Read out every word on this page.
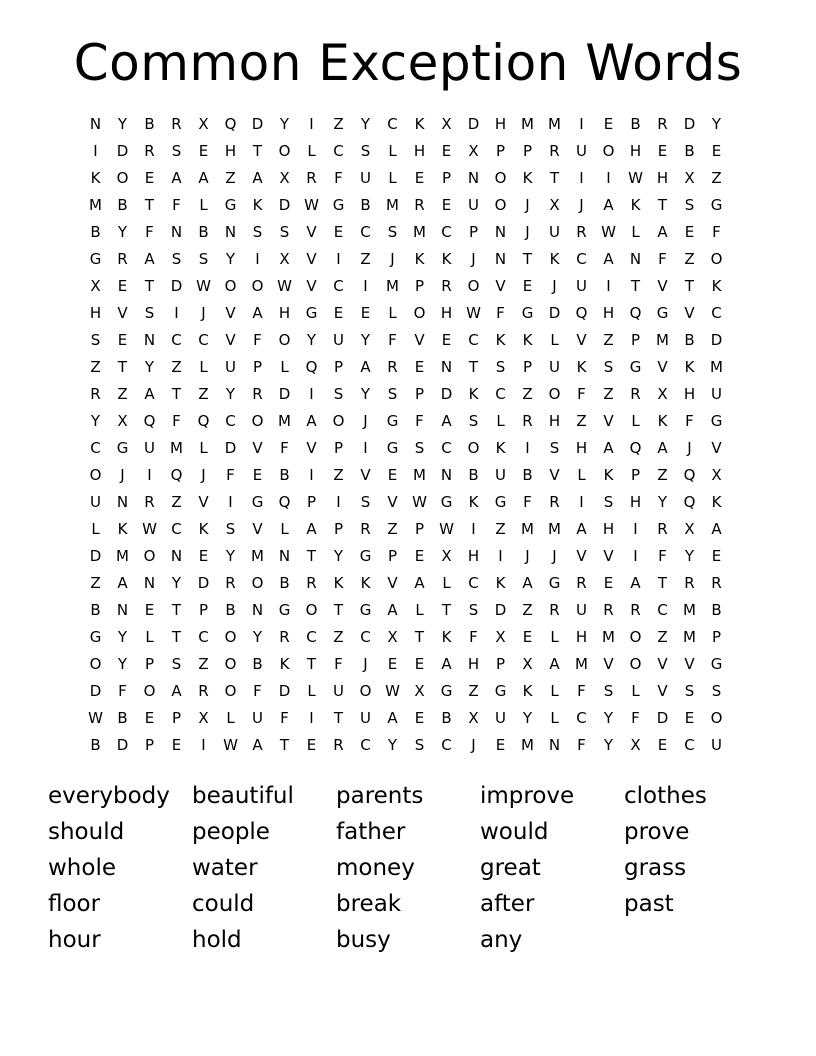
Common Exception Words
N	Y	B	R	X	Q	D	Y	I	Z	Y	C	K	X	D	H M M	I	E	B	R	D	Y
I	D	R	S	E	H	T	O	L	C	S	L	H	E	X	P	P	R	U	O	H	E	B	E
K	O	E	A	A	Z	A	X	R	F	U	L	E	P	N	O	K	T	I	I	W H	X	Z
M	B	T	F	L	G	K	D W G	B	M	R	E	U	O	J	X	J	A	K	T	S	G
B	Y	F	N	B	N	S	S	V	E	C	S	M	C	P	N	J	U	R W	L	A	E	F
G	R	A	S	S	Y	I	X	V	I	Z	J	K	K	J	N	T	K	C	A	N	F	Z	O
X	E	T	D W O	O W V	C	I	M	P	R	O	V	E	J	U	I	T	V	T	K
H	V	S	I	J	V	A	H	G	E	E	L	O	H W	F	G	D	Q	H	Q	G	V	C
S	E	N	C	C	V	F	O	Y	U	Y	F	V	E	C	K	K	L	V	Z	P	M	B	D
Z	T	Y	Z	L	U	P	L	Q	P	A	R	E	N	T	S	P	U	K	S	G	V	K	M
R	Z	A	T	Z	Y	R	D	I	S	Y	S	P	D	K	C	Z	O	F	Z	R	X	H	U
Y	X	Q	F	Q	C	O M	A	O	J	G	F	A	S	L	R	H	Z	V	L	K	F	G
C	G	U	M	L	D	V	F	V	P	I	G	S	C	O	K	I	S	H	A	Q	A	J	V
O	J	I	Q	J	F	E	B	I	Z	V	E	M N	B	U	B	V	L	K	P	Z	Q	X
U	N	R	Z	V	I	G	Q	P	I	S	V W G	K	G	F	R	I	S	H	Y	Q	K
L	K W C	K	S	V	L	A	P	R	Z	P	W	I	Z	M M	A	H	I	R	X	A
D M O	N	E	Y	M N	T	Y	G	P	E	X	H	I	J	J	V	V	I	F	Y	E
Z	A	N	Y	D	R	O	B	R	K	K	V	A	L	C	K	A	G	R	E	A	T	R	R
B	N	E	T	P	B	N	G	O	T	G	A	L	T	S	D	Z	R	U	R	R	C	M	B
G	Y	L	T	C	O	Y	R	C	Z	C	X	T	K	F	X	E	L	H M O	Z	M	P
O	Y	P	S	Z	O	B	K	T	F	J	E	E	A	H	P	X	A	M	V	O	V	V	G
D	F	O	A	R	O	F	D	L	U	O W X	G	Z	G	K	L	F	S	L	V	S	S
W B	E	P	X	L	U	F	I	T	U	A	E	B	X	U	Y	L	C	Y	F	D	E	O
B	D	P	E	I	W A	T	E	R	C	Y	S	C	J	E	M N	F	Y	X	E	C	U
everybody
should
whole
floor
hour
beautiful
people
water
could
hold
parents
father
money
break
busy
improve
would
great
after
any
clothes
prove
grass
past
